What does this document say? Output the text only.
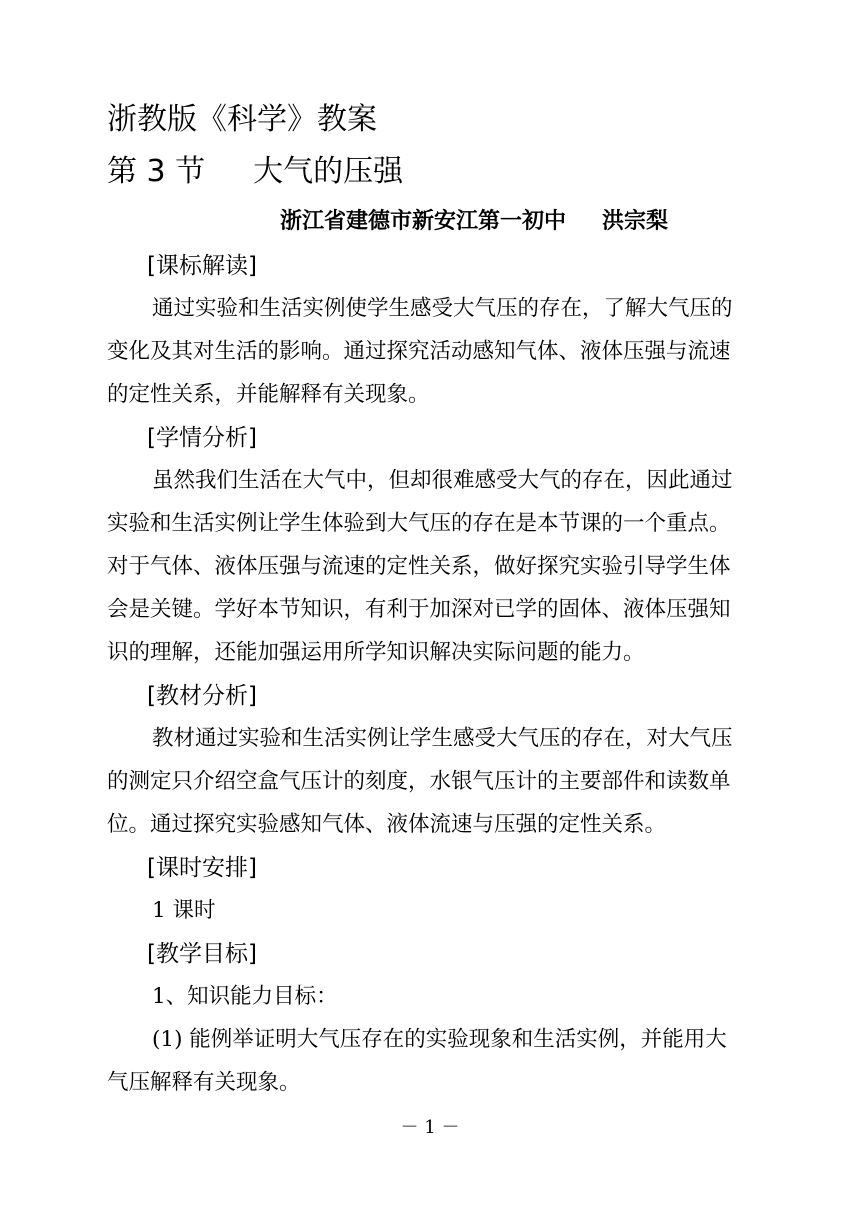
浙教版《科学》教案
第 3 节 大气的压强
浙江省建德市新安江第一初中 洪宗梨
[课标解读]
通过实验和生活实例使学生感受大气压的存在，了解大气压的
变化及其对生活的影响。通过探究活动感知气体、液体压强与流速
的定性关系，并能解释有关现象。
[学情分析]
虽然我们生活在大气中，但却很难感受大气的存在，因此通过
实验和生活实例让学生体验到大气压的存在是本节课的一个重点。
对于气体、液体压强与流速的定性关系，做好探究实验引导学生体
会是关键。学好本节知识，有利于加深对已学的固体、液体压强知
识的理解，还能加强运用所学知识解决实际问题的能力。
[教材分析]
教材通过实验和生活实例让学生感受大气压的存在，对大气压
的测定只介绍空盒气压计的刻度，水银气压计的主要部件和读数单
位。通过探究实验感知气体、液体流速与压强的定性关系。
[课时安排]
1 课时
[教学目标]
1、知识能力目标：
(1) 能例举证明大气压存在的实验现象和生活实例，并能用大
气压解释有关现象。
－ 1 －
